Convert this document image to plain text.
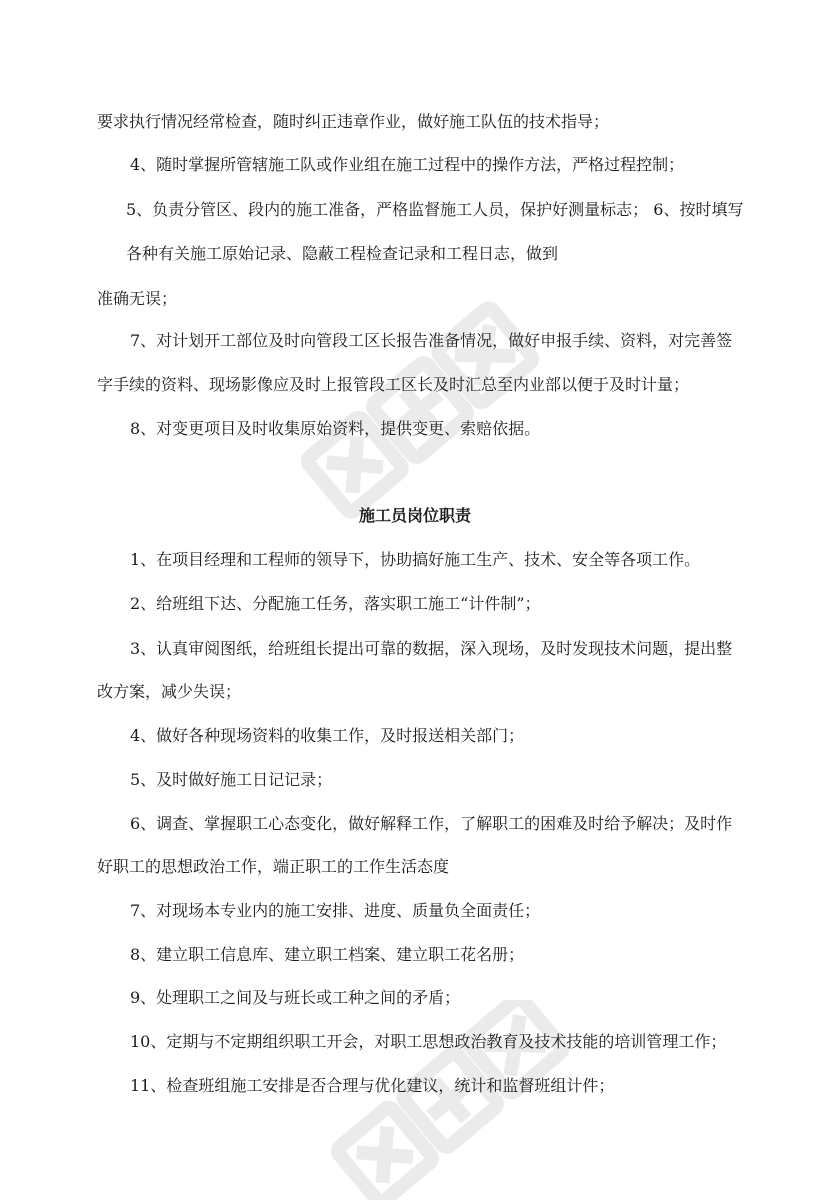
要求执行情况经常检查，随时纠正违章作业，做好施工队伍的技术指导；
4、随时掌握所管辖施工队或作业组在施工过程中的操作方法，严格过程控制；
5、负责分管区、段内的施工准备，严格监督施工人员，保护好测量标志； 6、按时填写
各种有关施工原始记录、隐蔽工程检查记录和工程日志，做到
准确无误；
7、对计划开工部位及时向管段工区长报告准备情况，做好申报手续、资料，对完善签
字手续的资料、现场影像应及时上报管段工区长及时汇总至内业部以便于及时计量；
8、对变更项目及时收集原始资料，提供变更、索赔依据。
施工员岗位职责
1、在项目经理和工程师的领导下，协助搞好施工生产、技术、安全等各项工作。
2、给班组下达、分配施工任务，落实职工施工“计件制”；
3、认真审阅图纸，给班组长提出可靠的数据，深入现场，及时发现技术问题，提出整
改方案，减少失误；
4、做好各种现场资料的收集工作，及时报送相关部门；
5、及时做好施工日记记录；
6、调查、掌握职工心态变化，做好解释工作，了解职工的困难及时给予解决；及时作
好职工的思想政治工作，端正职工的工作生活态度
7、对现场本专业内的施工安排、进度、质量负全面责任；
8、建立职工信息库、建立职工档案、建立职工花名册；
9、处理职工之间及与班长或工种之间的矛盾；
10、定期与不定期组织职工开会，对职工思想政治教育及技术技能的培训管理工作；
11、检查班组施工安排是否合理与优化建议，统计和监督班组计件；
